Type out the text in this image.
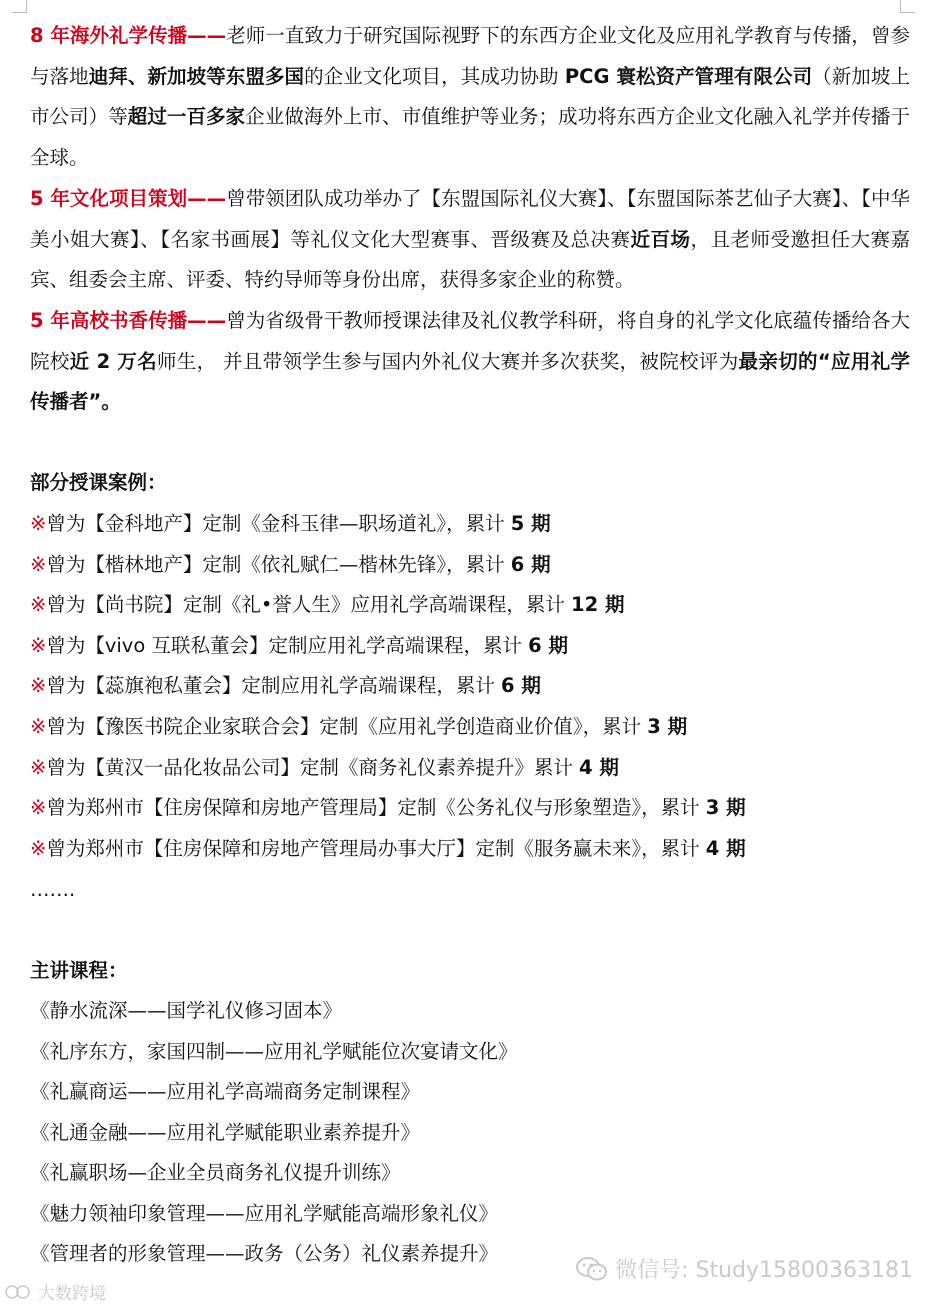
8 年海外礼学传播——老师一直致力于研究国际视野下的东西方企业文化及应用礼学教育与传播，曾参与落地迪拜、新加坡等东盟多国的企业文化项目，其成功协助 PCG 寰松资产管理有限公司（新加坡上市公司）等超过一百多家企业做海外上市、市值维护等业务；成功将东西方企业文化融入礼学并传播于全球。

5 年文化项目策划——曾带领团队成功举办了【东盟国际礼仪大赛】、【东盟国际茶艺仙子大赛】、【中华美小姐大赛】、【名家书画展】等礼仪文化大型赛事、晋级赛及总决赛近百场，且老师受邀担任大赛嘉宾、组委会主席、评委、特约导师等身份出席，获得多家企业的称赞。

5 年高校书香传播——曾为省级骨干教师授课法律及礼仪教学科研，将自身的礼学文化底蕴传播给各大院校近 2 万名师生， 并且带领学生参与国内外礼仪大赛并多次获奖，被院校评为最亲切的“应用礼学传播者”。

部分授课案例：
※曾为【金科地产】定制《金科玉律—职场道礼》，累计 5 期
※曾为【楷林地产】定制《依礼赋仁—楷林先锋》，累计 6 期
※曾为【尚书院】定制《礼•誉人生》应用礼学高端课程，累计 12 期
※曾为【vivo 互联私董会】定制应用礼学高端课程，累计 6 期
※曾为【蕊旗袍私董会】定制应用礼学高端课程，累计 6 期
※曾为【豫医书院企业家联合会】定制《应用礼学创造商业价值》，累计 3 期
※曾为【黄汉一品化妆品公司】定制《商务礼仪素养提升》累计 4 期
※曾为郑州市【住房保障和房地产管理局】定制《公务礼仪与形象塑造》，累计 3 期
※曾为郑州市【住房保障和房地产管理局办事大厅】定制《服务赢未来》，累计 4 期
…….
主讲课程：
《静水流深——国学礼仪修习固本》
《礼序东方，家国四制——应用礼学赋能位次宴请文化》
《礼赢商运——应用礼学高端商务定制课程》
《礼通金融——应用礼学赋能职业素养提升》
《礼赢职场—企业全员商务礼仪提升训练》
《魅力领袖印象管理——应用礼学赋能高端形象礼仪》
《管理者的形象管理——政务（公务）礼仪素养提升》
微信号: Study15800363181
大数跨境
